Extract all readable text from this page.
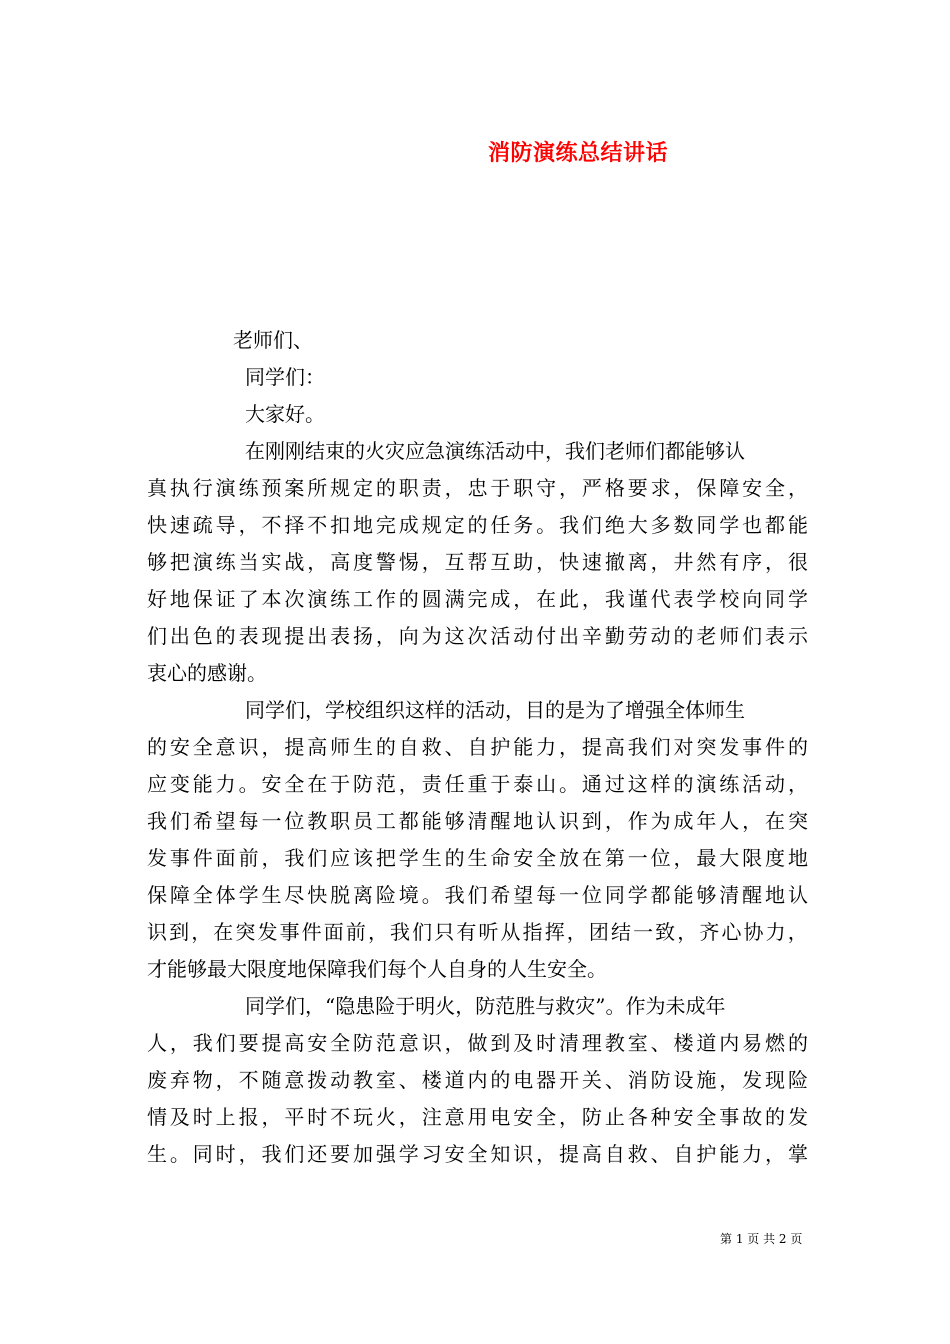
消防演练总结讲话
老师们、
同学们：
大家好。
在刚刚结束的火灾应急演练活动中，我们老师们都能够认
真 执 行 演 练 预 案 所 规 定 的 职 责 ， 忠 于 职 守 ， 严 格 要 求 ， 保 障 安 全 ，
快 速 疏 导 ， 不 择 不 扣 地 完 成 规 定 的 任 务 。 我 们 绝 大 多 数 同 学 也 都 能
够 把 演 练 当 实 战 ， 高 度 警 惕 ， 互 帮 互 助 ， 快 速 撤 离 ， 井 然 有 序 ， 很
好 地 保 证 了 本 次 演 练 工 作 的 圆 满 完 成 ， 在 此 ， 我 谨 代 表 学 校 向 同 学
们 出 色 的 表 现 提 出 表 扬 ， 向 为 这 次 活 动 付 出 辛 勤 劳 动 的 老 师 们 表 示
衷心的感谢。
同学们，学校组织这样的活动，目的是为了增强全体师生
的 安 全 意 识 ， 提 高 师 生 的 自 救 、 自 护 能 力 ， 提 高 我 们 对 突 发 事 件 的
应 变 能 力 。 安 全 在 于 防 范 ， 责 任 重 于 泰 山 。 通 过 这 样 的 演 练 活 动 ，
我 们 希 望 每 一 位 教 职 员 工 都 能 够 清 醒 地 认 识 到 ， 作 为 成 年 人 ， 在 突
发 事 件 面 前 ， 我 们 应 该 把 学 生 的 生 命 安 全 放 在 第 一 位 ， 最 大 限 度 地
保 障 全 体 学 生 尽 快 脱 离 险 境 。 我 们 希 望 每 一 位 同 学 都 能 够 清 醒 地 认
识 到 ， 在 突 发 事 件 面 前 ， 我 们 只 有 听 从 指 挥 ， 团 结 一 致 ， 齐 心 协 力 ，
才能够最大限度地保障我们每个人自身的人生安全。
同学们，“隐患险于明火，防范胜与救灾”。作为未成年
人 ， 我 们 要 提 高 安 全 防 范 意 识 ， 做 到 及 时 清 理 教 室 、 楼 道 内 易 燃 的
废 弃 物 ， 不 随 意 拨 动 教 室 、 楼 道 内 的 电 器 开 关 、 消 防 设 施 ， 发 现 险
情 及 时 上 报 ， 平 时 不 玩 火 ， 注 意 用 电 安 全 ， 防 止 各 种 安 全 事 故 的 发
生 。 同 时 ， 我 们 还 要 加 强 学 习 安 全 知 识 ， 提 高 自 救 、 自 护 能 力 ， 掌
第 1 页 共 2 页
